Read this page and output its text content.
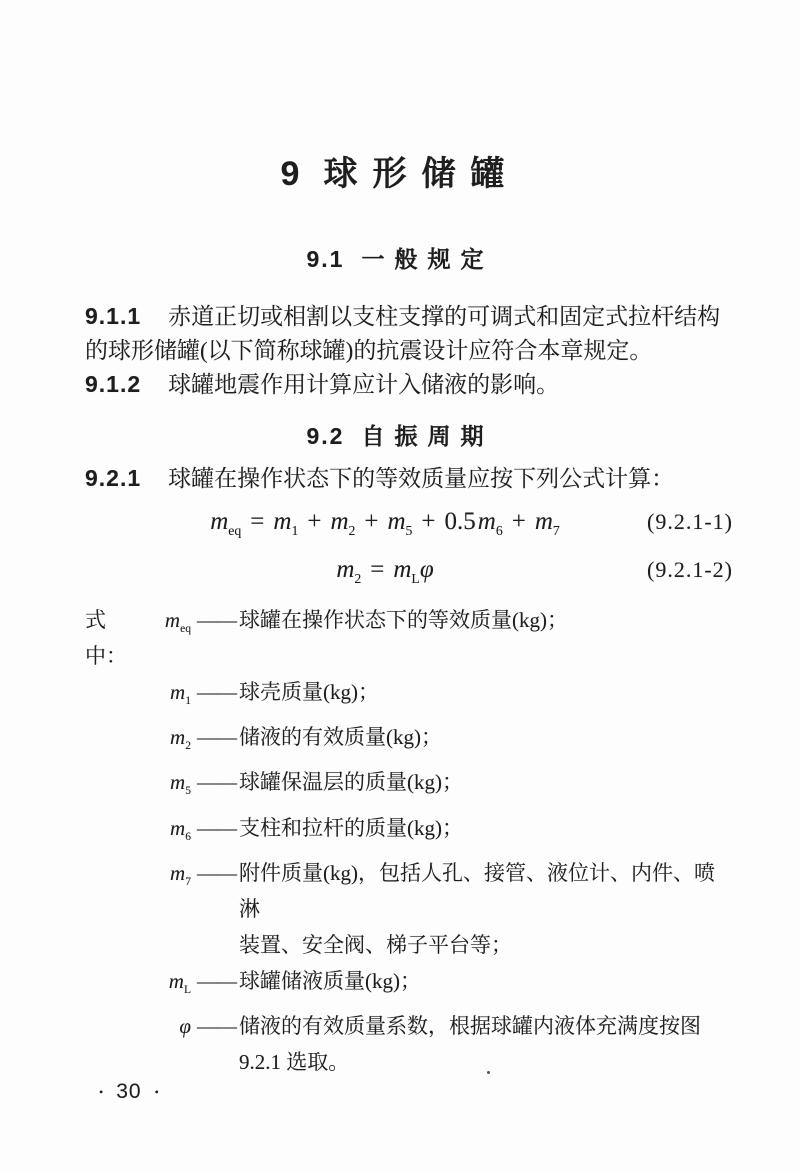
9 球形储罐
9.1 一般规定
9.1.1 赤道正切或相割以支柱支撑的可调式和固定式拉杆结构
的球形储罐(以下简称球罐)的抗震设计应符合本章规定。
9.1.2 球罐地震作用计算应计入储液的影响。
9.2 自振周期
9.2.1 球罐在操作状态下的等效质量应按下列公式计算：
$m_{eq} = m_1 + m_2 + m_5 + 0.5m_6 + m_7$	(9.2.1-1)
$m_2 = m_L\varphi$	(9.2.1-2)
式中：
$m_{eq}$ —— 球罐在操作状态下的等效质量(kg)；
$m_1$ —— 球壳质量(kg)；
$m_2$ —— 储液的有效质量(kg)；
$m_5$ —— 球罐保温层的质量(kg)；
$m_6$ —— 支柱和拉杆的质量(kg)；
$m_7$ —— 附件质量(kg)，包括人孔、接管、液位计、内件、喷淋
装置、安全阀、梯子平台等；
$m_L$ —— 球罐储液质量(kg)；
φ —— 储液的有效质量系数，根据球罐内液体充满度按图
9.2.1 选取。
• 30 •
